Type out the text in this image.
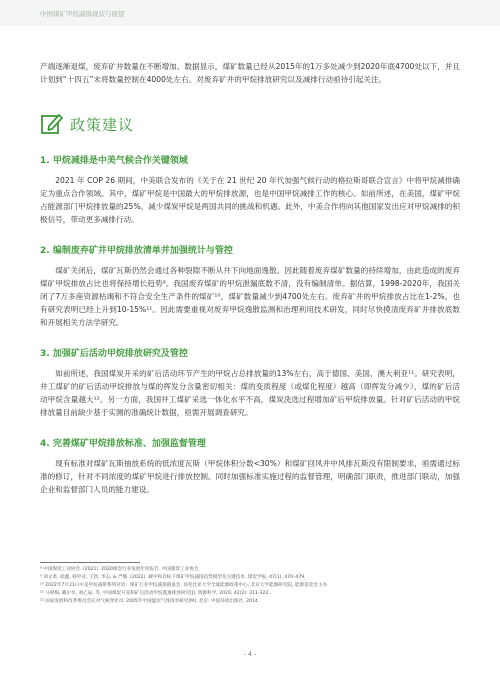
中国煤矿甲烷减排现状与展望

产端逐渐退煤，废弃矿井数量在不断增加。数据显示，煤矿数量已经从2015年的1万多处减少到2020年底4700处以下，并且计划到“十四五”末将数量控制在4000处左右。对废弃矿井的甲烷排放研究以及减排行动亟待引起关注。

政策建议
1. 甲烷减排是中美气候合作关键领域

2021 年 COP 26 期间，中美联合发布的《关于在 21 世纪 20 年代加强气候行动的格拉斯哥联合宣言》中将甲烷减排确定为重点合作领域。其中，煤矿甲烷是中国最大的甲烷排放源，也是中国甲烷减排工作的核心。如前所述，在美国，煤矿甲烷占能源部门甲烷排放量的25%。减少煤炭甲烷是两国共同的挑战和机遇。此外，中美合作将向其他国家发出应对甲烷减排的积极信号，带动更多减排行动。

2. 编制废弃矿井甲烷排放清单并加强统计与管控

煤矿关闭后，煤矿瓦斯仍然会通过各种裂隙不断从井下向地面逸散。因此随着废弃煤矿数量的持续增加，由此造成的废弃煤矿甲烷排放占比也将保持增长趋势⁹。我国废弃煤矿的甲烷泄漏底数不清，没有编制清单。据估算，1998-2020年，我国关闭了7万多座资源枯竭和不符合安全生产条件的煤矿¹⁰，煤矿数量减少到4700处左右。废弃矿井的甲烷排放占比在1-2%，也有研究表明已经上升到10-15%¹¹。因此需要重视对废弃甲烷逸散监测和治理利用技术研发，同时尽快摸清废弃矿井排放底数和开展相关方法学研究。

3. 加强矿后活动甲烷排放研究及管控

如前所述，我国煤炭开采的矿后活动环节产生的甲烷占总排放量的13%左右，高于德国、美国、澳大利亚¹¹。研究表明，井工煤矿的矿后活动甲烷排放与煤的挥发分含量密切相关：煤的变质程度（或煤化程度）越高（即挥发分减少），煤的矿后活动甲烷含量越大¹²。另一方面，我国井工煤矿采选一体化水平不高，煤炭洗选过程增加矿后甲烷排放量。针对矿后活动的甲烷排放量目前缺少基于实测的准确统计数据，亟需开展调查研究。

4. 完善煤矿甲烷排放标准、加强监督管理

现有标准对煤矿瓦斯抽放系统的低浓度瓦斯（甲烷体积分数<30%）和煤矿回风井中风排瓦斯没有限制要求，亟需通过标准的修订，针对不同浓度的煤矿甲烷进行排放控制。同时加强标准实施过程的监督管理，明确部门职责，推进部门联动，加强企业和监督部门人员的能力建设。

⁸ 中国煤炭工业协会. (2021). 2020煤炭行业发展年度报告. 中国煤炭工业协会.
⁹ 刘文革, 徐鑫, 韩甲业, 王勃, 李志, & 严娜. (2022). 碳中和目标下煤矿甲烷减排趋势模型及关键技术. 煤炭学报, 47(1), 470–479.
¹⁰ 2022年7月21日中美甲烷减排系列对话：煤矿行业甲烷减排圆桌会. 哥伦比亚大学全球能源政策中心, 北京大学能源研究院, 能源基金会主办.
¹¹ 马翠梅, 戴尔阜, 刘乙辰, 等. 中国煤炭开采和矿后活动甲烷逃逸排放研究[J]. 资源科学, 2020, 42(2): 311-322.
¹² 国家发展和改革委员会应对气候变化司. 2005年中国温室气体清单研究[M]. 北京: 中国环境出版社, 2014.
- 4 -
